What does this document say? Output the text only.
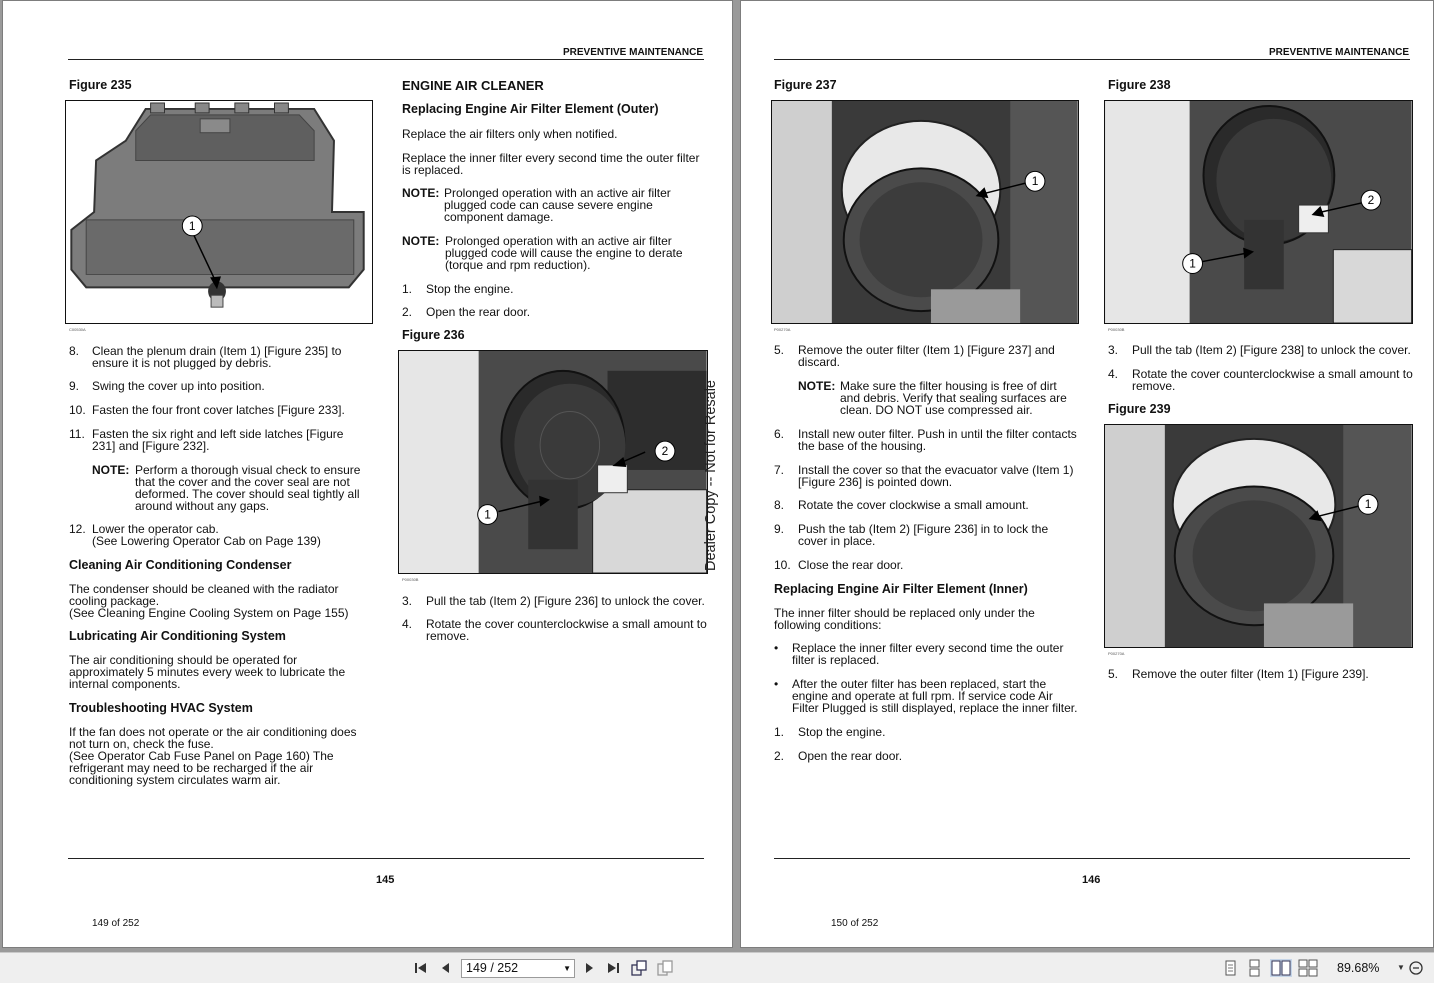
PREVENTIVE MAINTENANCE
Figure 235
1
C00530A
8. Clean the plenum drain (Item 1) [Figure 235] to ensure it is not plugged by debris.
9. Swing the cover up into position.
10. Fasten the four front cover latches [Figure 233].
11. Fasten the six right and left side latches [Figure 231] and [Figure 232].
NOTE: Perform a thorough visual check to ensure that the cover and the cover seal are not deformed. The cover should seal tightly all around without any gaps.
12. Lower the operator cab.
(See Lowering Operator Cab on Page 139)
Cleaning Air Conditioning Condenser
The condenser should be cleaned with the radiator cooling package.
(See Cleaning Engine Cooling System on Page 155)
Lubricating Air Conditioning System
The air conditioning should be operated for approximately 5 minutes every week to lubricate the internal components.
Troubleshooting HVAC System
If the fan does not operate or the air conditioning does not turn on, check the fuse.
(See Operator Cab Fuse Panel on Page 160) The refrigerant may need to be recharged if the air conditioning system circulates warm air.
ENGINE AIR CLEANER
Replacing Engine Air Filter Element (Outer)
Replace the air filters only when notified.
Replace the inner filter every second time the outer filter is replaced.
NOTE: Prolonged operation with an active air filter plugged code can cause severe engine component damage.
NOTE: Prolonged operation with an active air filter plugged code will cause the engine to derate (torque and rpm reduction).
1. Stop the engine.
2. Open the rear door.
Figure 236
2
1
P00030B
3. Pull the tab (Item 2) [Figure 236] to unlock the cover.
4. Rotate the cover counterclockwise a small amount to remove.
Dealer Copy -- Not for Resale
145
149 of 252
PREVENTIVE MAINTENANCE
Figure 237
1
P00270A
Figure 238
2
1
P00030B
5. Remove the outer filter (Item 1) [Figure 237] and discard.
NOTE: Make sure the filter housing is free of dirt and debris. Verify that sealing surfaces are clean. DO NOT use compressed air.
6. Install new outer filter. Push in until the filter contacts the base of the housing.
7. Install the cover so that the evacuator valve (Item 1) [Figure 236] is pointed down.
8. Rotate the cover clockwise a small amount.
9. Push the tab (Item 2) [Figure 236] in to lock the cover in place.
10. Close the rear door.
Replacing Engine Air Filter Element (Inner)
The inner filter should be replaced only under the following conditions:
• Replace the inner filter every second time the outer filter is replaced.
• After the outer filter has been replaced, start the engine and operate at full rpm. If service code Air Filter Plugged is still displayed, replace the inner filter.
1. Stop the engine.
2. Open the rear door.
3. Pull the tab (Item 2) [Figure 238] to unlock the cover.
4. Rotate the cover counterclockwise a small amount to remove.
Figure 239
1
P00270A
5. Remove the outer filter (Item 1) [Figure 239].
146
150 of 252
149 / 252	▼	89.68% ▼
